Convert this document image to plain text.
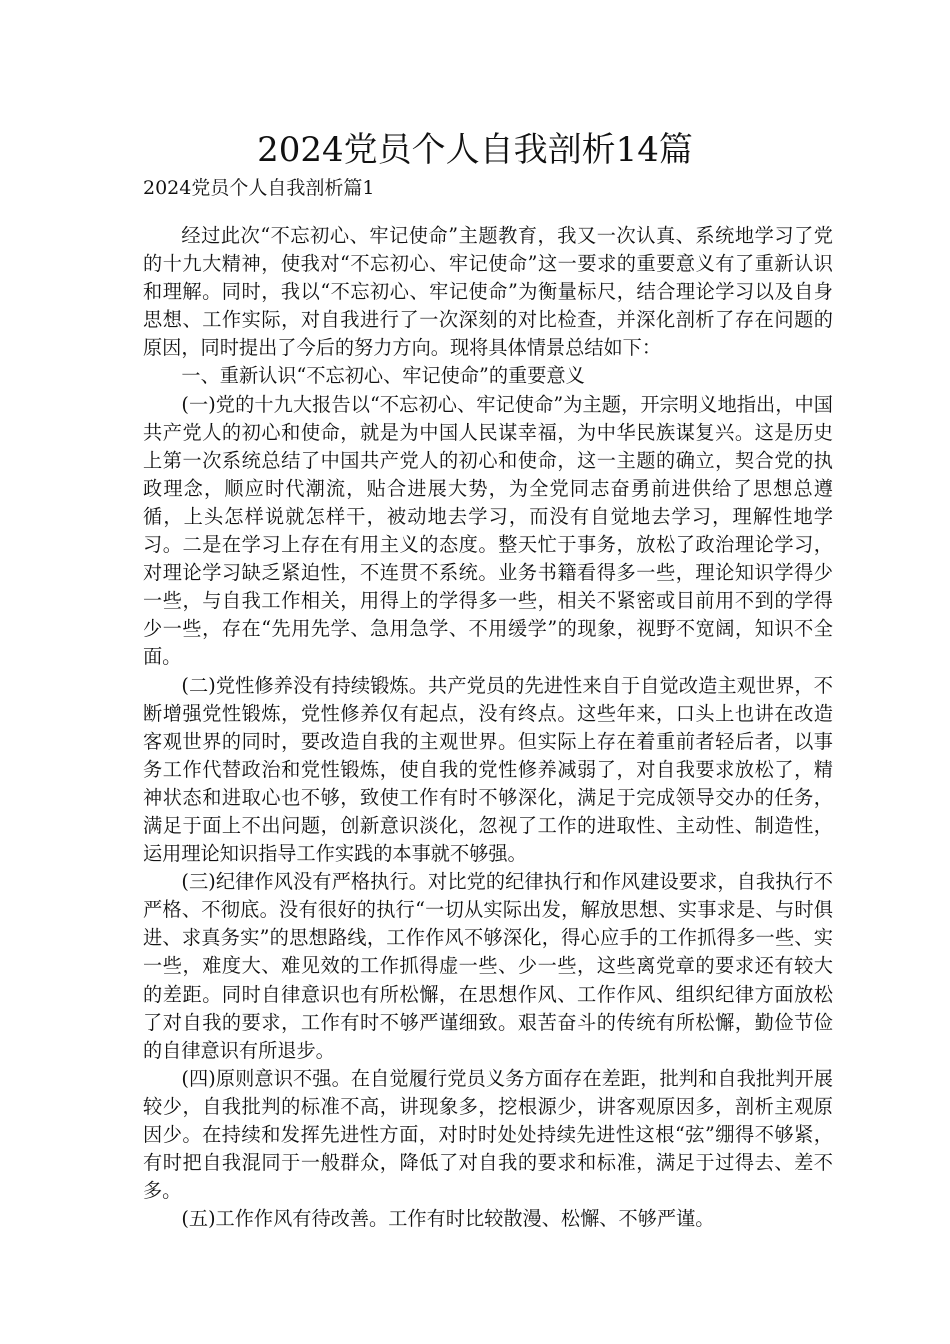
2024党员个人自我剖析14篇
2024党员个人自我剖析篇1

经过此次“不忘初心、牢记使命”主题教育，我又一次认真、系统地学习了党的十九大精神，使我对“不忘初心、牢记使命”这一要求的重要意义有了重新认识和理解。同时，我以“不忘初心、牢记使命”为衡量标尺，结合理论学习以及自身思想、工作实际，对自我进行了一次深刻的对比检查，并深化剖析了存在问题的原因，同时提出了今后的努力方向。现将具体情景总结如下：

一、重新认识“不忘初心、牢记使命”的重要意义

(一)党的十九大报告以“不忘初心、牢记使命”为主题，开宗明义地指出，中国共产党人的初心和使命，就是为中国人民谋幸福，为中华民族谋复兴。这是历史上第一次系统总结了中国共产党人的初心和使命，这一主题的确立，契合党的执政理念，顺应时代潮流，贴合进展大势，为全党同志奋勇前进供给了思想总遵循，上头怎样说就怎样干，被动地去学习，而没有自觉地去学习，理解性地学习。二是在学习上存在有用主义的态度。整天忙于事务，放松了政治理论学习，对理论学习缺乏紧迫性，不连贯不系统。业务书籍看得多一些，理论知识学得少一些，与自我工作相关，用得上的学得多一些，相关不紧密或目前用不到的学得少一些，存在“先用先学、急用急学、不用缓学”的现象，视野不宽阔，知识不全面。

(二)党性修养没有持续锻炼。共产党员的先进性来自于自觉改造主观世界，不断增强党性锻炼，党性修养仅有起点，没有终点。这些年来，口头上也讲在改造客观世界的同时，要改造自我的主观世界。但实际上存在着重前者轻后者，以事务工作代替政治和党性锻炼，使自我的党性修养减弱了，对自我要求放松了，精神状态和进取心也不够，致使工作有时不够深化，满足于完成领导交办的任务，满足于面上不出问题，创新意识淡化，忽视了工作的进取性、主动性、制造性，运用理论知识指导工作实践的本事就不够强。

(三)纪律作风没有严格执行。对比党的纪律执行和作风建设要求，自我执行不严格、不彻底。没有很好的执行“一切从实际出发，解放思想、实事求是、与时俱进、求真务实”的思想路线，工作作风不够深化，得心应手的工作抓得多一些、实一些，难度大、难见效的工作抓得虚一些、少一些，这些离党章的要求还有较大的差距。同时自律意识也有所松懈，在思想作风、工作作风、组织纪律方面放松了对自我的要求，工作有时不够严谨细致。艰苦奋斗的传统有所松懈，勤俭节俭的自律意识有所退步。

(四)原则意识不强。在自觉履行党员义务方面存在差距，批判和自我批判开展较少，自我批判的标准不高，讲现象多，挖根源少，讲客观原因多，剖析主观原因少。在持续和发挥先进性方面，对时时处处持续先进性这根“弦”绷得不够紧，有时把自我混同于一般群众，降低了对自我的要求和标准，满足于过得去、差不多。

(五)工作作风有待改善。工作有时比较散漫、松懈、不够严谨。
